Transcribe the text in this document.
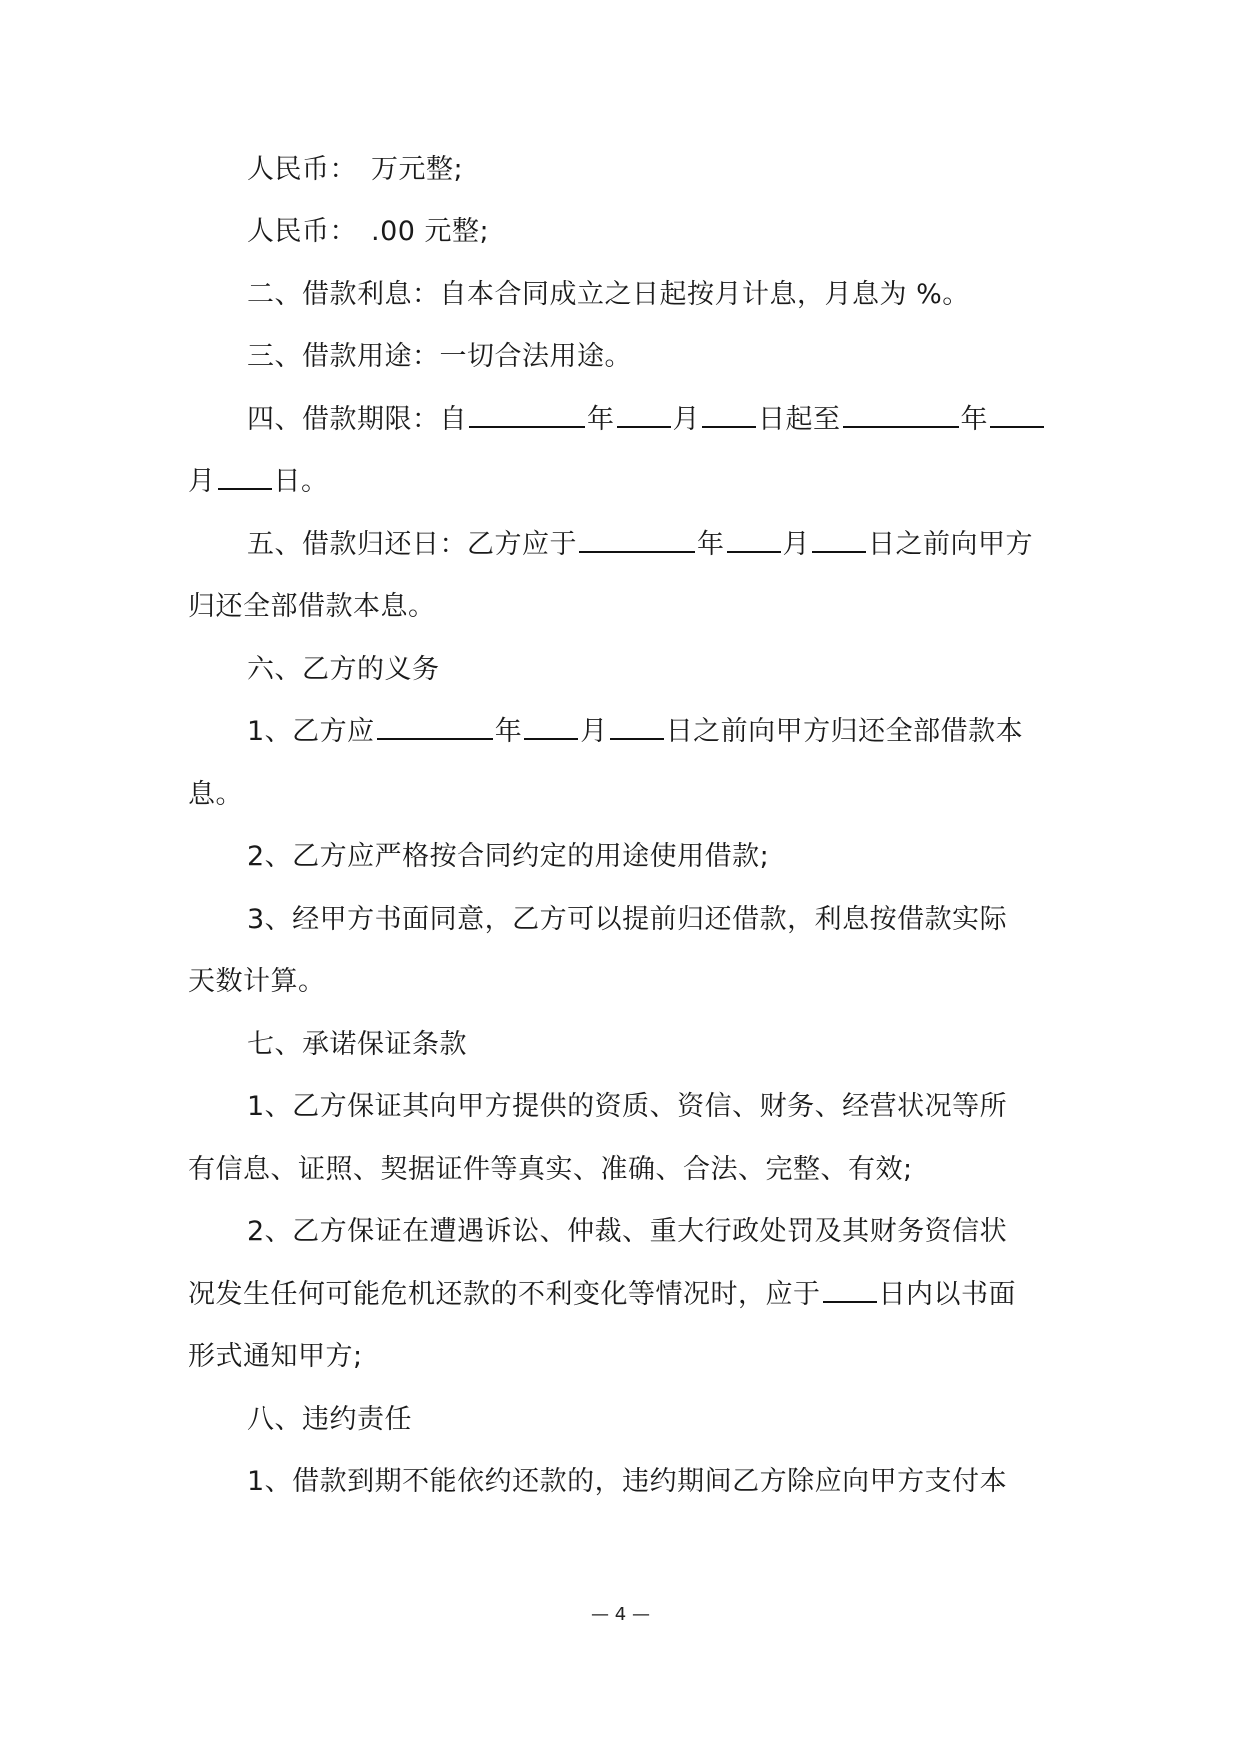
人民币：　万元整;
人民币：　.00 元整;
二、借款利息：自本合同成立之日起按月计息，月息为 %。
三、借款用途：一切合法用途。
四、借款期限：自	年 月 日起至	年
月 日。
五、借款归还日：乙方应于	年 月 日之前向甲方
归还全部借款本息。
六、乙方的义务
1、乙方应	年 月 日之前向甲方归还全部借款本
息。
2、乙方应严格按合同约定的用途使用借款;
3、经甲方书面同意，乙方可以提前归还借款，利息按借款实际
天数计算。
七、承诺保证条款
1、乙方保证其向甲方提供的资质、资信、财务、经营状况等所
有信息、证照、契据证件等真实、准确、合法、完整、有效;
2、乙方保证在遭遇诉讼、仲裁、重大行政处罚及其财务资信状
况发生任何可能危机还款的不利变化等情况时，应于 日内以书面
形式通知甲方;
八、违约责任
1、借款到期不能依约还款的，违约期间乙方除应向甲方支付本
— 4 —
